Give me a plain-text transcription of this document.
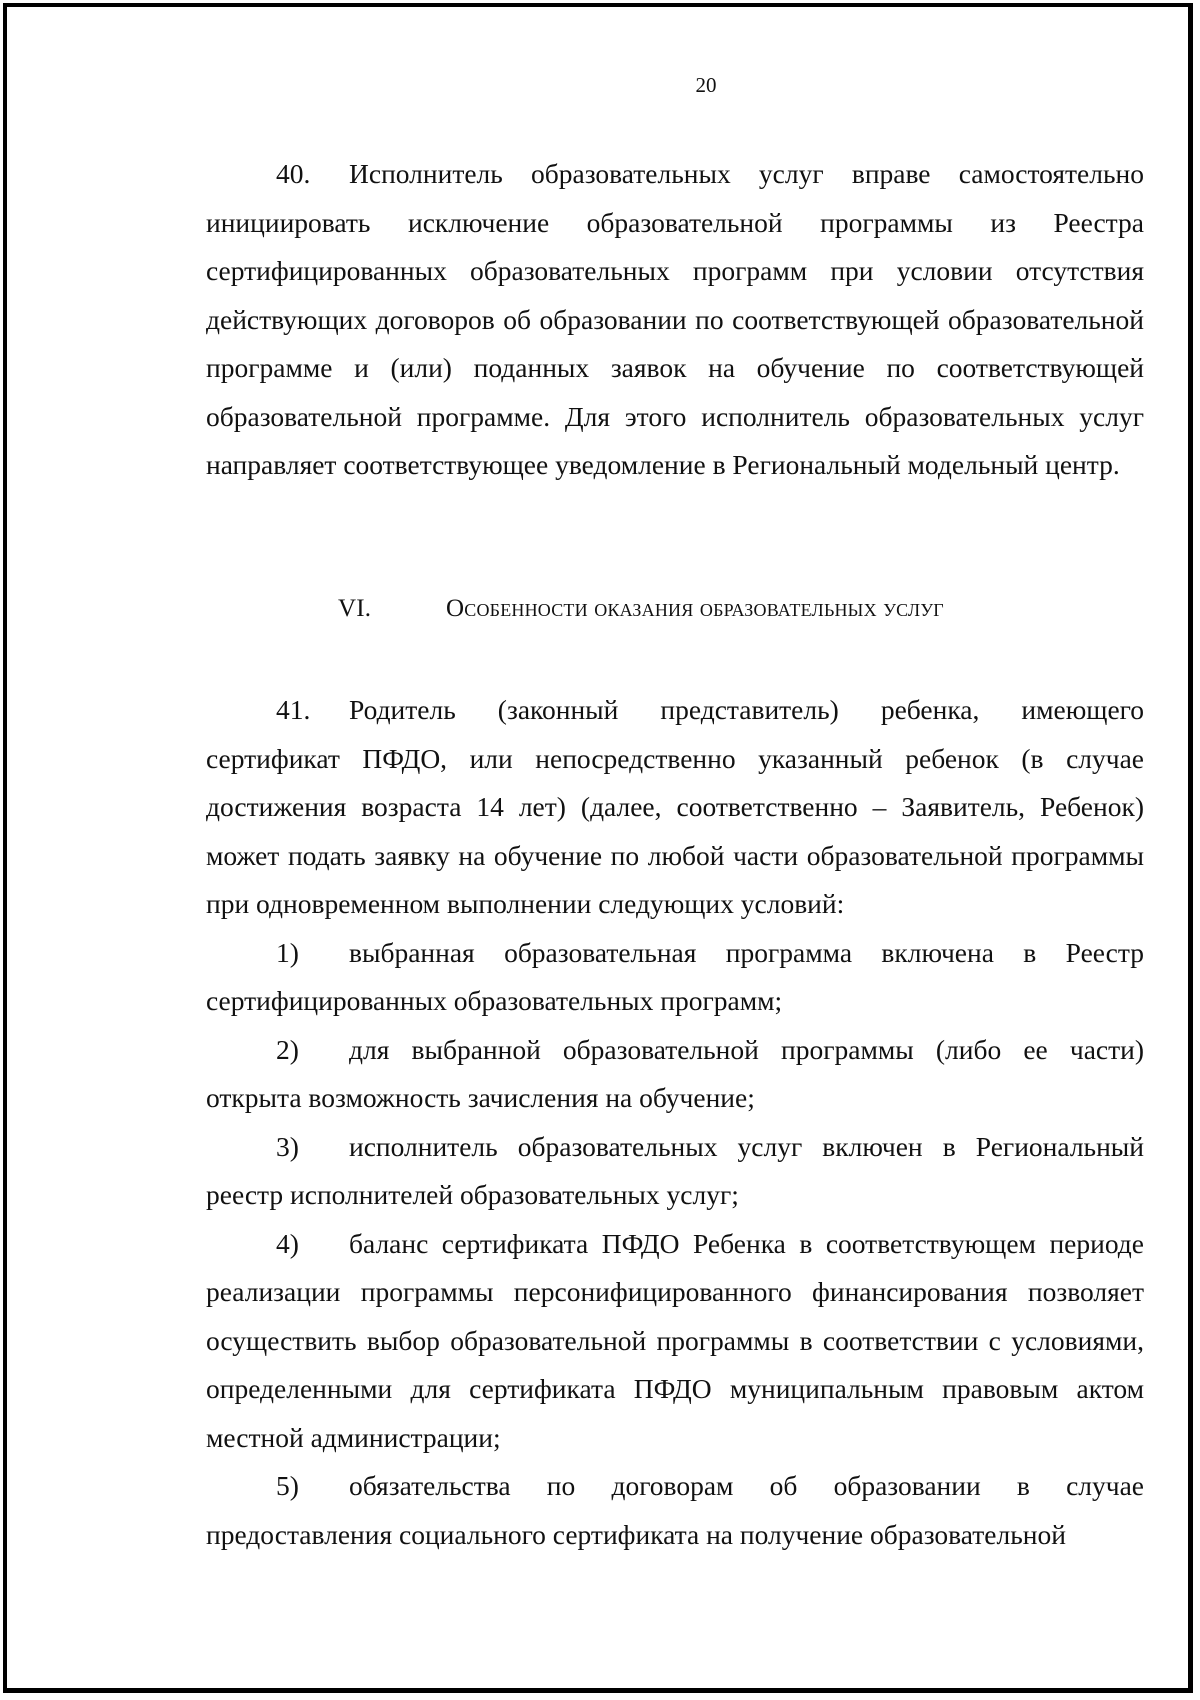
20

40. Исполнитель образовательных услуг вправе самостоятельно инициировать исключение образовательной программы из Реестра сертифицированных образовательных программ при условии отсутствия действующих договоров об образовании по соответствующей образовательной программе и (или) поданных заявок на обучение по соответствующей образовательной программе. Для этого исполнитель образовательных услуг направляет соответствующее уведомление в Региональный модельный центр.

VI.	Особенности оказания образовательных услуг

41. Родитель (законный представитель) ребенка, имеющего сертификат ПФДО, или непосредственно указанный ребенок (в случае достижения возраста 14 лет) (далее, соответственно – Заявитель, Ребенок) может подать заявку на обучение по любой части образовательной программы при одновременном выполнении следующих условий:

1) выбранная образовательная программа включена в Реестр сертифицированных образовательных программ;

2) для выбранной образовательной программы (либо ее части) открыта возможность зачисления на обучение;

3) исполнитель образовательных услуг включен в Региональный реестр исполнителей образовательных услуг;

4) баланс сертификата ПФДО Ребенка в соответствующем периоде реализации программы персонифицированного финансирования позволяет осуществить выбор образовательной программы в соответствии с условиями, определенными для сертификата ПФДО муниципальным правовым актом местной администрации;

5) обязательства по договорам об образовании в случае предоставления социального сертификата на получение образовательной
